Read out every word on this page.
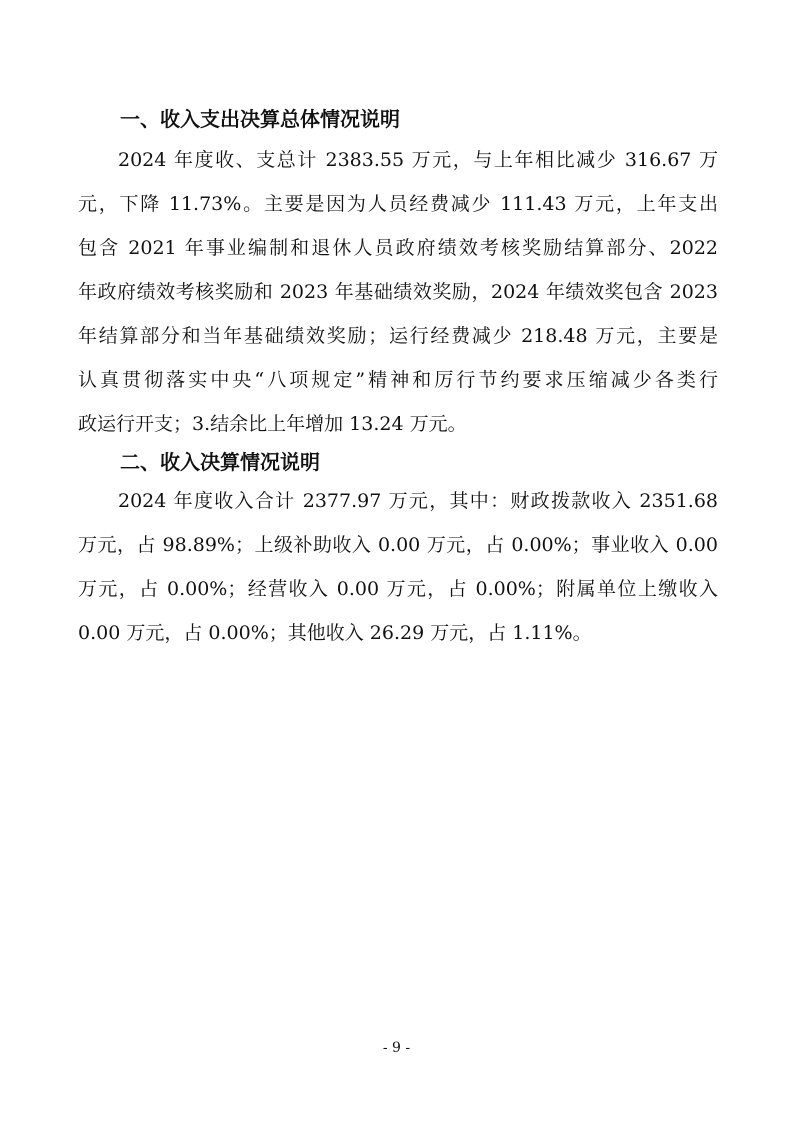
一、收入支出决算总体情况说明
2024 年度收、支总计 2383.55 万元，与上年相比减少 316.67 万
元，下降 11.73%。主要是因为人员经费减少 111.43 万元，上年支出
包含 2021 年事业编制和退休人员政府绩效考核奖励结算部分、2022
年政府绩效考核奖励和 2023 年基础绩效奖励，2024 年绩效奖包含 2023
年结算部分和当年基础绩效奖励；运行经费减少 218.48 万元，主要是
认真贯彻落实中央“八项规定”精神和厉行节约要求压缩减少各类行
政运行开支；3.结余比上年增加 13.24 万元。
二、收入决算情况说明
2024 年度收入合计 2377.97 万元，其中：财政拨款收入 2351.68
万元，占 98.89%；上级补助收入 0.00 万元，占 0.00%；事业收入 0.00
万元，占 0.00%；经营收入 0.00 万元，占 0.00%；附属单位上缴收入
0.00 万元，占 0.00%；其他收入 26.29 万元，占 1.11%。
- 9 -
